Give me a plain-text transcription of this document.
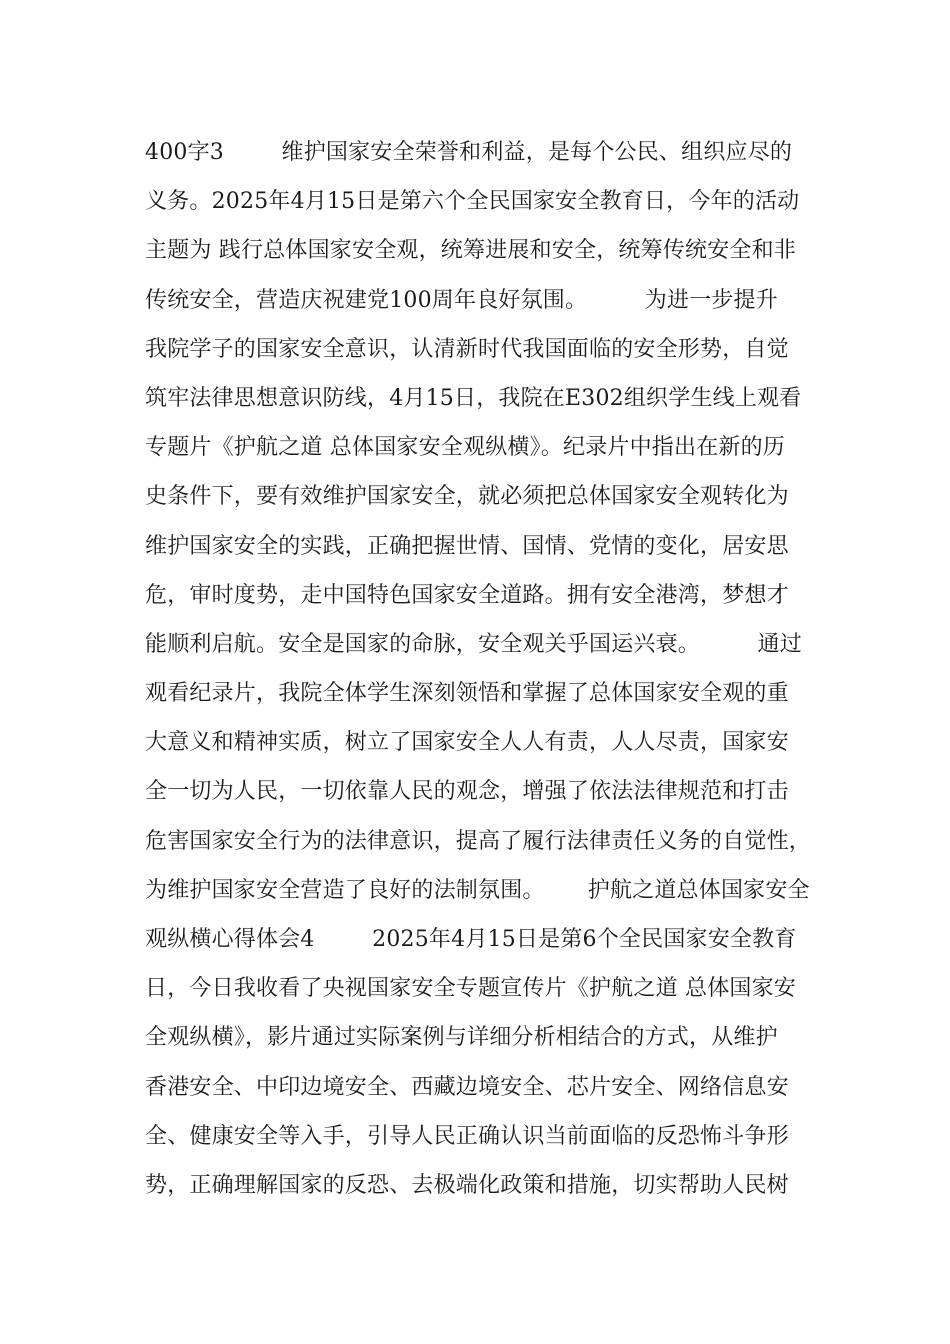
400字3        维护国家安全荣誉和利益，是每个公民、组织应尽的
义务。2025年4月15日是第六个全民国家安全教育日，今年的活动
主题为 践行总体国家安全观，统筹进展和安全，统筹传统安全和非
传统安全，营造庆祝建党100周年良好氛围。        为进一步提升
我院学子的国家安全意识，认清新时代我国面临的安全形势，自觉
筑牢法律思想意识防线，4月15日，我院在E302组织学生线上观看
专题片《护航之道 总体国家安全观纵横》。纪录片中指出在新的历
史条件下，要有效维护国家安全，就必须把总体国家安全观转化为
维护国家安全的实践，正确把握世情、国情、党情的变化，居安思
危，审时度势，走中国特色国家安全道路。拥有安全港湾，梦想才
能顺利启航。安全是国家的命脉，安全观关乎国运兴衰。        通过
观看纪录片，我院全体学生深刻领悟和掌握了总体国家安全观的重
大意义和精神实质，树立了国家安全人人有责，人人尽责，国家安
全一切为人民，一切依靠人民的观念，增强了依法法律规范和打击
危害国家安全行为的法律意识，提高了履行法律责任义务的自觉性，
为维护国家安全营造了良好的法制氛围。      护航之道总体国家安全
观纵横心得体会4        2025年4月15日是第6个全民国家安全教育
日，今日我收看了央视国家安全专题宣传片《护航之道 总体国家安
全观纵横》，影片通过实际案例与详细分析相结合的方式，从维护
香港安全、中印边境安全、西藏边境安全、芯片安全、网络信息安
全、健康安全等入手，引导人民正确认识当前面临的反恐怖斗争形
势，正确理解国家的反恐、去极端化政策和措施，切实帮助人民树
